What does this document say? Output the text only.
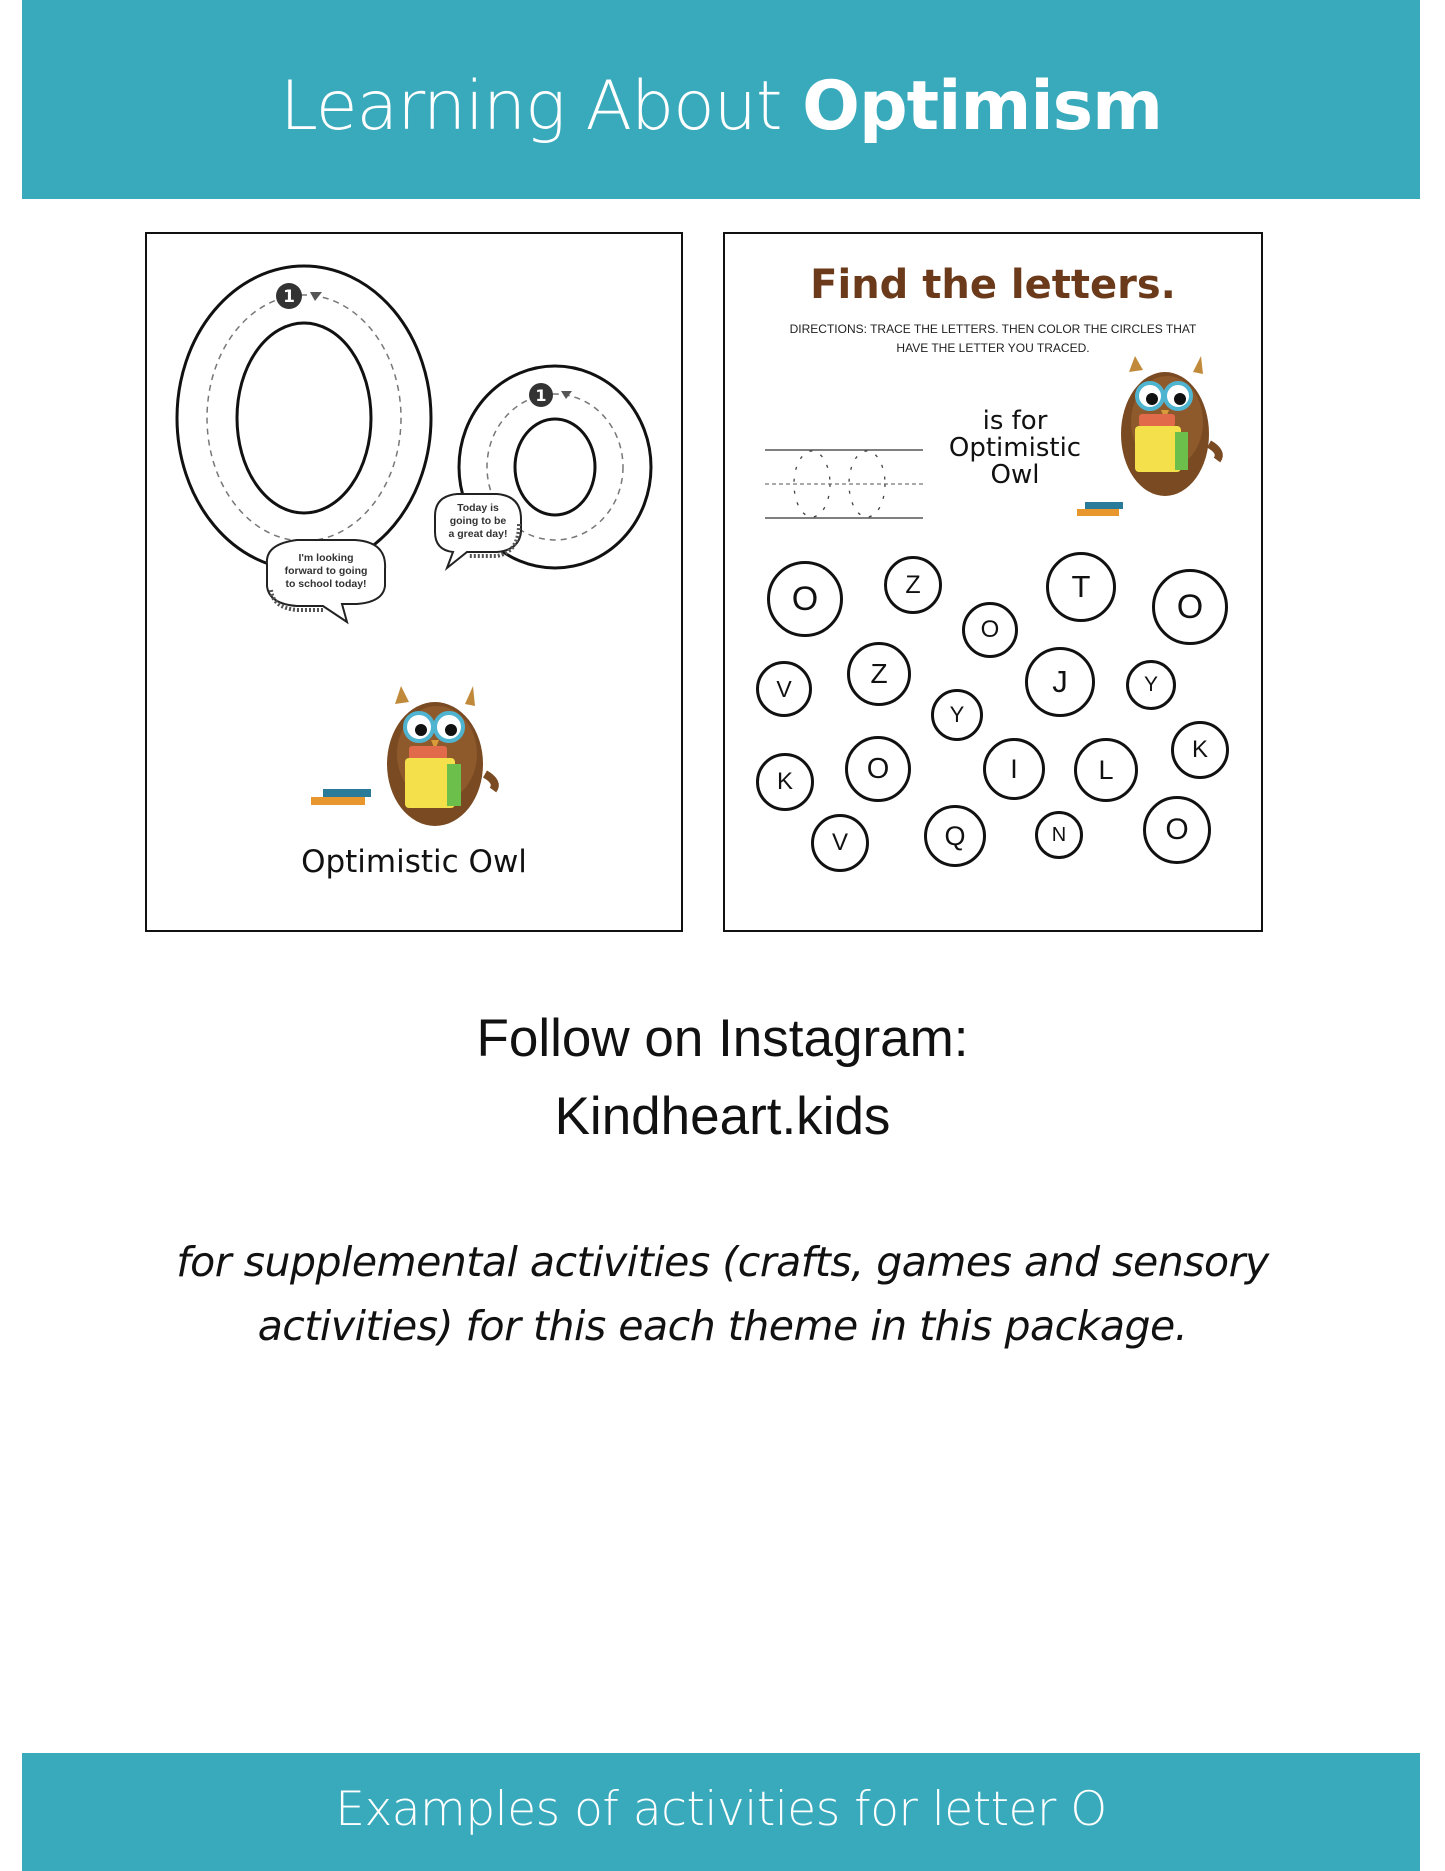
Learning About Optimism
1
1
I'm looking
forward to going
to school today!
Today is
going to be
a great day!
Optimistic Owl
Find the letters.
DIRECTIONS: TRACE THE LETTERS. THEN COLOR THE CIRCLES THAT
HAVE THE LETTER YOU TRACED.
is for
Optimistic
Owl
O	Z
O
T
O
V	Z
Y
J	Y
K	O	I	L
K
V	Q	N	O
Follow on Instagram:
Kindheart.kids
for supplemental activities (crafts, games and sensory
activities) for this each theme in this package.
Examples of activities for letter O
